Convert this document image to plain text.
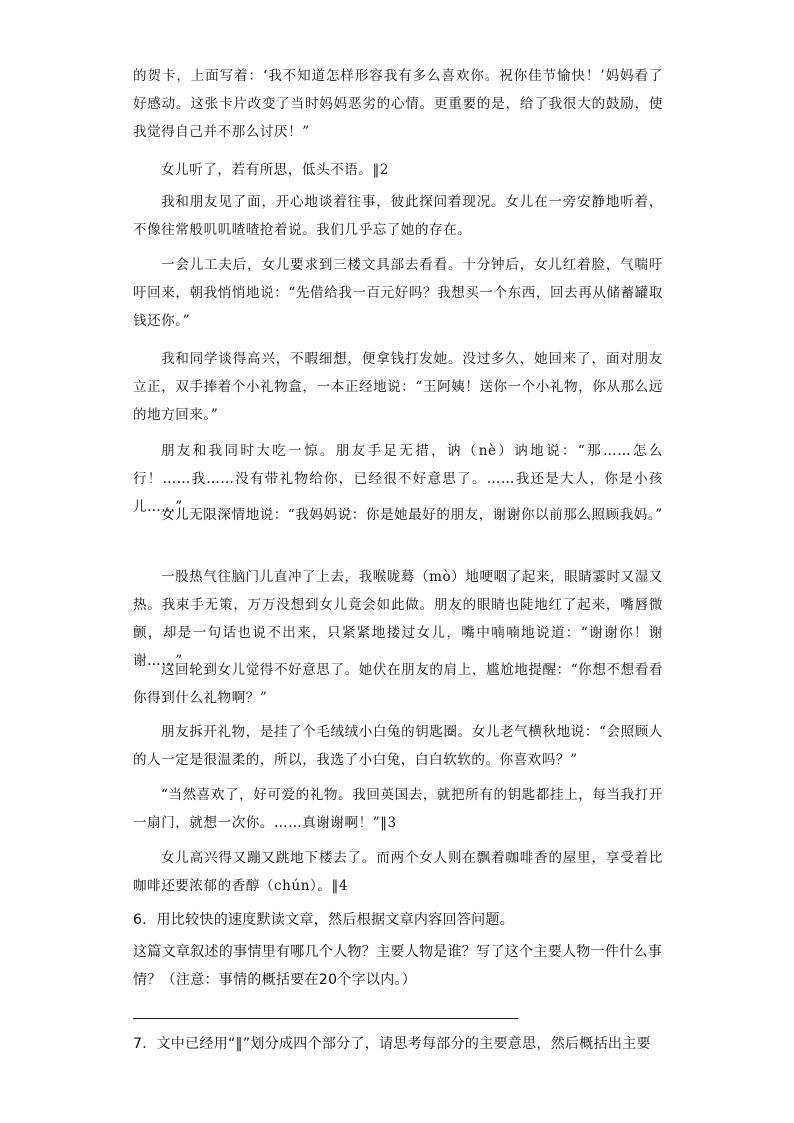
的贺卡，上面写着：‘我不知道怎样形容我有多么喜欢你。祝你佳节愉快！’妈妈看了好感动。这张卡片改变了当时妈妈恶劣的心情。更重要的是，给了我很大的鼓励，使我觉得自己并不那么讨厌！”

女儿听了，若有所思，低头不语。‖2

我和朋友见了面，开心地谈着往事，彼此探问着现况。女儿在一旁安静地听着，不像往常般叽叽喳喳抢着说。我们几乎忘了她的存在。

一会儿工夫后，女儿要求到三楼文具部去看看。十分钟后，女儿红着脸，气喘吁吁回来，朝我悄悄地说：“先借给我一百元好吗？我想买一个东西，回去再从储蓄罐取钱还你。”

我和同学谈得高兴，不暇细想，便拿钱打发她。没过多久，她回来了，面对朋友立正，双手捧着个小礼物盒，一本正经地说：“王阿姨！送你一个小礼物，你从那么远的地方回来。”

朋友和我同时大吃一惊。朋友手足无措，讷（nè）讷地说：“那……怎么行！……我……没有带礼物给你，已经很不好意思了。……我还是大人，你是小孩儿……”

女儿无限深情地说：“我妈妈说：你是她最好的朋友，谢谢你以前那么照顾我妈。”

一股热气往脑门儿直冲了上去，我喉咙蓦（mò）地哽咽了起来，眼睛霎时又湿又热。我束手无策，万万没想到女儿竟会如此做。朋友的眼睛也陡地红了起来，嘴唇微颤，却是一句话也说不出来，只紧紧地搂过女儿，嘴中喃喃地说道：“谢谢你！谢谢……”

这回轮到女儿觉得不好意思了。她伏在朋友的肩上，尴尬地提醒：“你想不想看看你得到什么礼物啊？”

朋友拆开礼物，是挂了个毛绒绒小白兔的钥匙圈。女儿老气横秋地说：“会照顾人的人一定是很温柔的，所以，我选了小白兔，白白软软的。你喜欢吗？”

“当然喜欢了，好可爱的礼物。我回英国去，就把所有的钥匙都挂上，每当我打开一扇门，就想一次你。……真谢谢啊！”‖3

女儿高兴得又蹦又跳地下楼去了。而两个女人则在飘着咖啡香的屋里，享受着比咖啡还要浓郁的香醇（chún）。‖4

6．用比较快的速度默读文章，然后根据文章内容回答问题。

这篇文章叙述的事情里有哪几个人物？主要人物是谁？写了这个主要人物一件什么事情？（注意：事情的概括要在20个字以内。）

7．文中已经用“‖”划分成四个部分了，请思考每部分的主要意思，然后概括出主要
